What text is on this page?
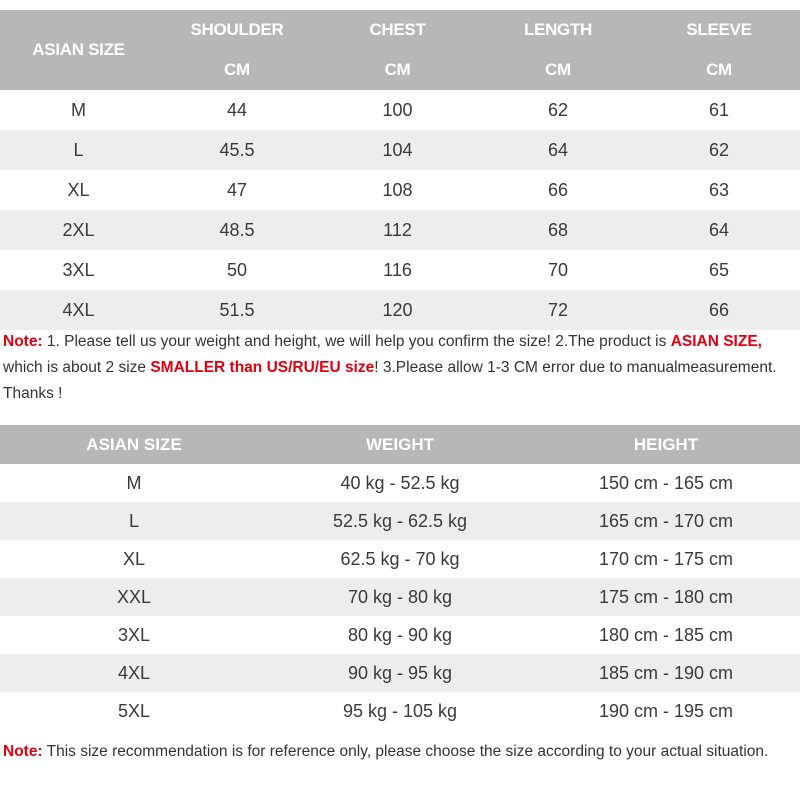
ASIAN SIZE	SHOULDER	CHEST	LENGTH	SLEEVE
	CM	CM	CM	CM
M	44	100	62	61
L	45.5	104	64	62
XL	47	108	66	63
2XL	48.5	112	68	64
3XL	50	116	70	65
4XL	51.5	120	72	66
Note: 1. Please tell us your weight and height, we will help you confirm the size! 2.The product is ASIAN SIZE, which is about 2 size SMALLER than US/RU/EU size! 3.Please allow 1-3 CM error due to manualmeasurement. Thanks !
ASIAN SIZE	WEIGHT	HEIGHT
M	40 kg - 52.5 kg	150 cm - 165 cm
L	52.5 kg - 62.5 kg	165 cm - 170 cm
XL	62.5 kg - 70 kg	170 cm - 175 cm
XXL	70 kg - 80 kg	175 cm - 180 cm
3XL	80 kg - 90 kg	180 cm - 185 cm
4XL	90 kg - 95 kg	185 cm - 190 cm
5XL	95 kg - 105 kg	190 cm - 195 cm
Note: This size recommendation is for reference only, please choose the size according to your actual situation.
